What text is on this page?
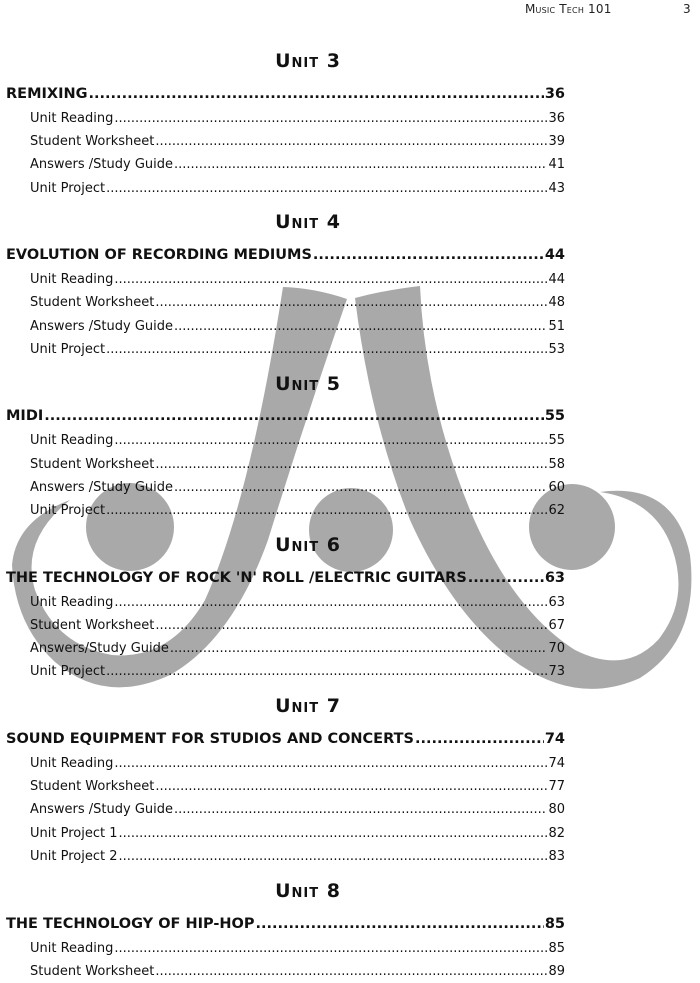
Music Tech 101	3
Unit 3
REMIXING .....	36
Unit Reading .....	36
Student Worksheet .....	39
Answers /Study Guide .....	41
Unit Project .....	43
Unit 4
EVOLUTION OF RECORDING MEDIUMS .....	44
Unit Reading .....	44
Student Worksheet .....	48
Answers /Study Guide .....	51
Unit Project .....	53
Unit 5
MIDI .....	55
Unit Reading .....	55
Student Worksheet .....	58
Answers /Study Guide .....	60
Unit Project .....	62
Unit 6
THE TECHNOLOGY OF ROCK 'N' ROLL /ELECTRIC GUITARS .....	63
Unit Reading .....	63
Student Worksheet .....	67
Answers/Study Guide .....	70
Unit Project .....	73
Unit 7
SOUND EQUIPMENT FOR STUDIOS AND CONCERTS .....	74
Unit Reading .....	74
Student Worksheet .....	77
Answers /Study Guide .....	80
Unit Project 1 .....	82
Unit Project 2 .....	83
Unit 8
THE TECHNOLOGY OF HIP-HOP .....	85
Unit Reading .....	85
Student Worksheet .....	89
